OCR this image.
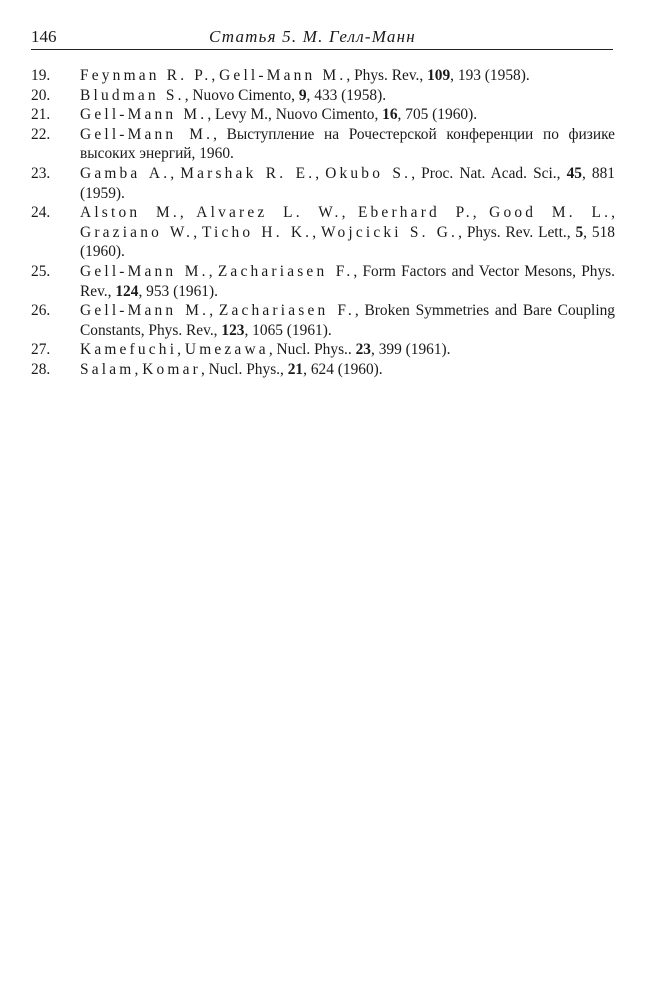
146	Статья 5. М. Гелл-Манн
19. Feynman R. P., Gell-Mann M., Phys. Rev., 109, 193 (1958).
20. Bludman S., Nuovo Cimento, 9, 433 (1958).
21. Gell-Mann M., Levy M., Nuovo Cimento, 16, 705 (1960).
22. Gell-Mann M., Выступление на Рочестерской конференции по физике высоких энергий, 1960.
23. Gamba A., Marshak R. E., Okubo S., Proc. Nat. Acad. Sci., 45, 881 (1959).
24. Alston M., Alvarez L. W., Eberhard P., Good M. L., Graziano W., Ticho H. K., Wojcicki S. G., Phys. Rev. Lett., 5, 518 (1960).
25. Gell-Mann M., Zachariasen F., Form Factors and Vector Mesons, Phys. Rev., 124, 953 (1961).
26. Gell-Mann M., Zachariasen F., Broken Symmetries and Bare Coupling Constants, Phys. Rev., 123, 1065 (1961).
27. Kamefuchi, Umezawa, Nucl. Phys.. 23, 399 (1961).
28. Salam, Komar, Nucl. Phys., 21, 624 (1960).
